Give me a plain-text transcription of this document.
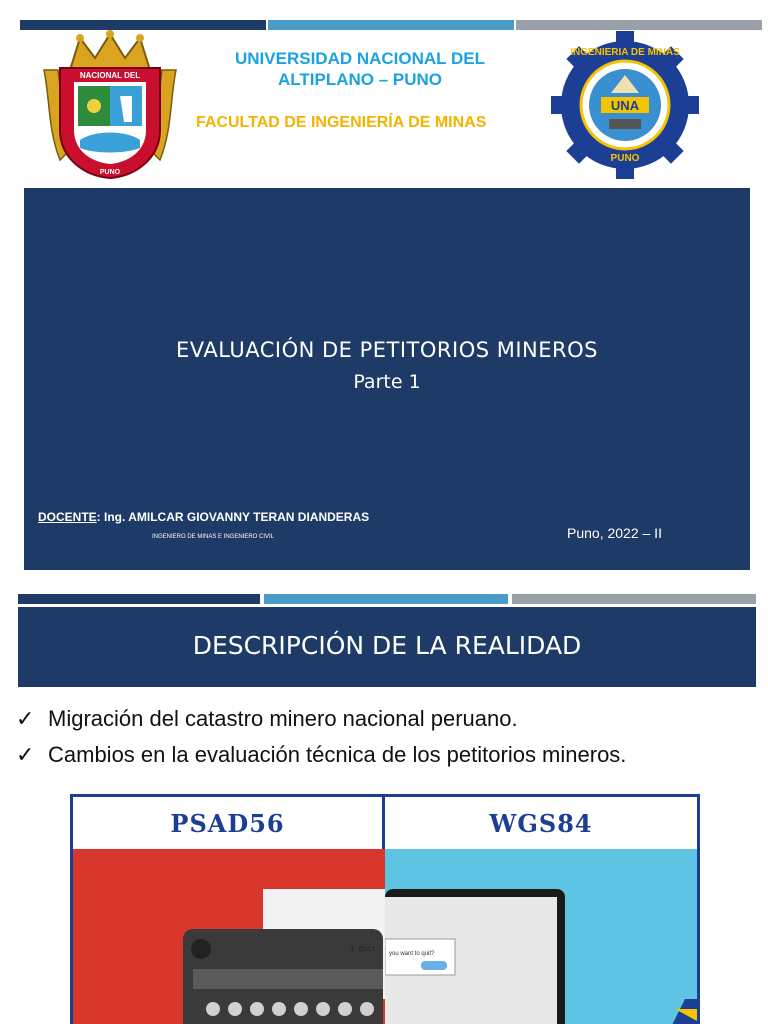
NACIONAL DEL
PUNO
UNIVERSIDAD NACIONAL DEL ALTIPLANO – PUNO
FACULTAD DE INGENIERÍA DE MINAS
UNA
INGENIERIA DE MINAS
PUNO
EVALUACIÓN DE PETITORIOS MINEROS
Parte 1
DOCENTE: Ing. AMILCAR GIOVANNY TERAN DIANDERAS
INGENIERO DE MINAS E INGENIERO CIVIL	Puno, 2022 – II
DESCRIPCIÓN DE LA REALIDAD
✓ Migración del catastro minero nacional peruano.
✓ Cambios en la evaluación técnica de los petitorios mineros.
PSAD56	WGS84
I Quit
you want to quit?
